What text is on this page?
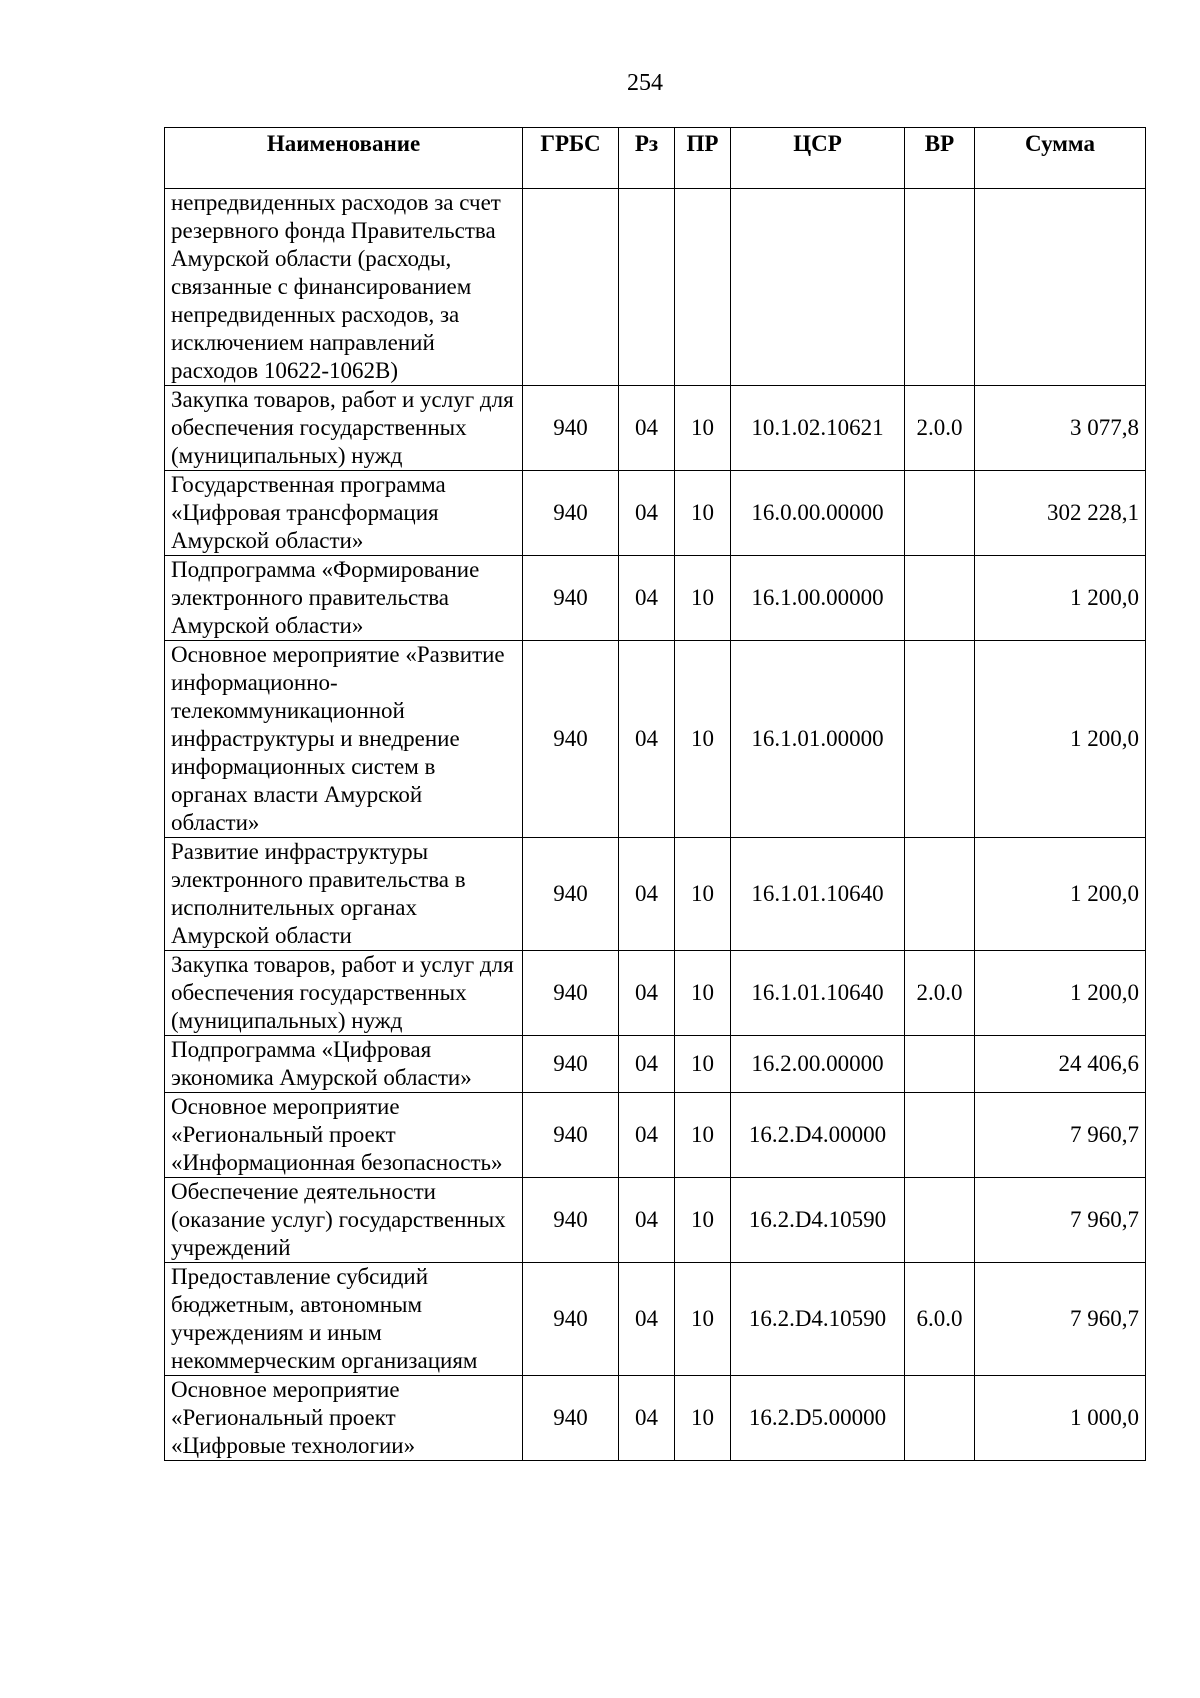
254
Наименование	ГРБС	Рз	ПР	ЦСР	ВР	Сумма
непредвиденных расходов за счет резервного фонда Правительства Амурской области (расходы, связанные с финансированием непредвиденных расходов, за исключением направлений расходов 10622-1062В)						
Закупка товаров, работ и услуг для обеспечения государственных (муниципальных) нужд	940	04	10	10.1.02.10621	2.0.0	3 077,8
Государственная программа «Цифровая трансформация Амурской области»	940	04	10	16.0.00.00000		302 228,1
Подпрограмма «Формирование электронного правительства Амурской области»	940	04	10	16.1.00.00000		1 200,0
Основное мероприятие «Развитие информационно-телекоммуникационной инфраструктуры и внедрение информационных систем в органах власти Амурской области»	940	04	10	16.1.01.00000		1 200,0
Развитие инфраструктуры электронного правительства в исполнительных органах Амурской области	940	04	10	16.1.01.10640		1 200,0
Закупка товаров, работ и услуг для обеспечения государственных (муниципальных) нужд	940	04	10	16.1.01.10640	2.0.0	1 200,0
Подпрограмма «Цифровая экономика Амурской области»	940	04	10	16.2.00.00000		24 406,6
Основное мероприятие «Региональный проект «Информационная безопасность»	940	04	10	16.2.D4.00000		7 960,7
Обеспечение деятельности (оказание услуг) государственных учреждений	940	04	10	16.2.D4.10590		7 960,7
Предоставление субсидий бюджетным, автономным учреждениям и иным некоммерческим организациям	940	04	10	16.2.D4.10590	6.0.0	7 960,7
Основное мероприятие «Региональный проект «Цифровые технологии»	940	04	10	16.2.D5.00000		1 000,0
